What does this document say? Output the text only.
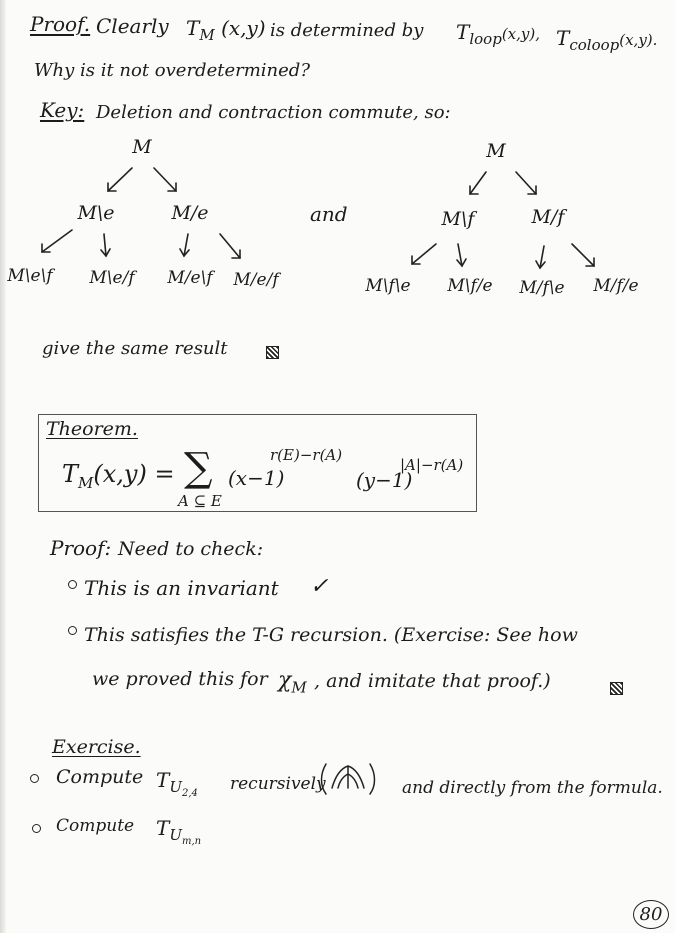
Proof. Clearly $T_M$ (x,y) is determined by $T_{loop}(x,y)$, $T_{coloop}(x,y)$.
Why is it not overdetermined?
Key: Deletion and contraction commute, so:
M
M\e	M/e
M\e\f M\e/f M/e\f M/e/f
and
M
M\f	M/f
M\f\e M\f/e M/f\e M/f/e
give the same result
Theorem.
$T_M(x,y)$ = ∑
A ⊆ E
(x−1)
r(E)−r(A)
(y−1)
|A|−r(A)
Proof: Need to check:
This is an invariant ✓
This satisfies the T-G recursion. (Exercise: See how
we proved this for $\chi_M$ , and imitate that proof.)
Exercise.
Compute $T_{U_{2,4}}$ recursively	and directly from the formula.
Compute $T_{U_{m,n}}$
80
